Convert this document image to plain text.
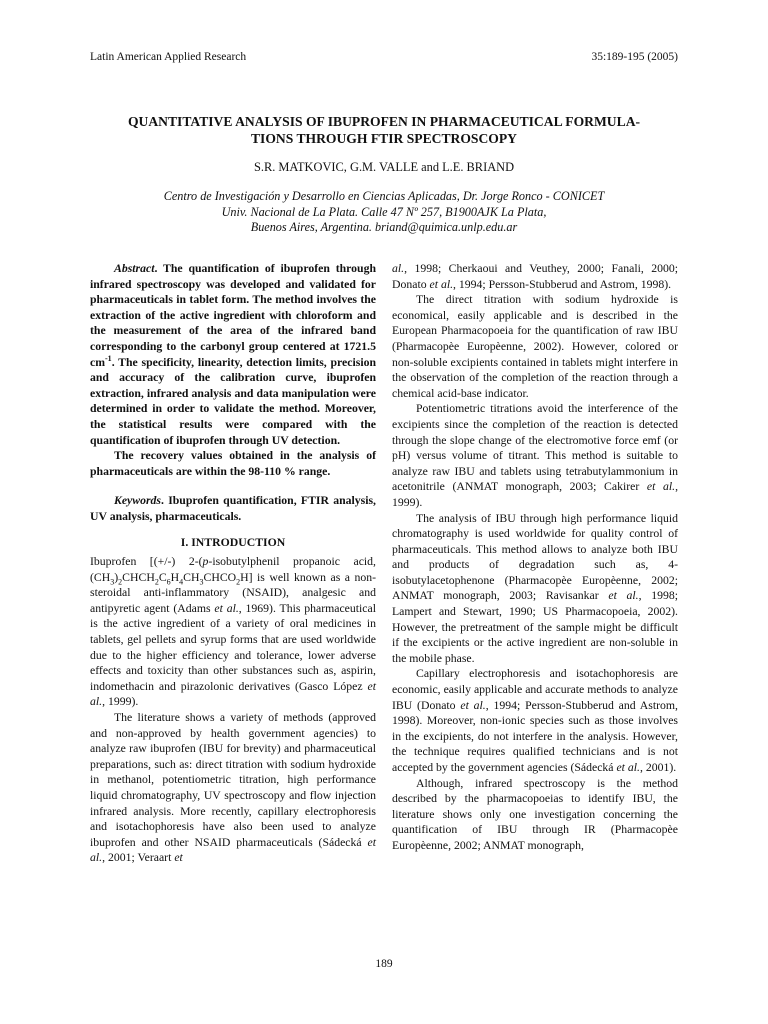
Latin American Applied Research	35:189-195 (2005)
QUANTITATIVE ANALYSIS OF IBUPROFEN IN PHARMACEUTICAL FORMULA-
TIONS THROUGH FTIR SPECTROSCOPY
S.R. MATKOVIC, G.M. VALLE and L.E. BRIAND
Centro de Investigación y Desarrollo en Ciencias Aplicadas, Dr. Jorge Ronco - CONICET
Univ. Nacional de La Plata. Calle 47 Nº 257, B1900AJK La Plata,
Buenos Aires, Argentina. briand@quimica.unlp.edu.ar

Abstract. The quantification of ibuprofen through infrared spectroscopy was developed and validated for pharmaceuticals in tablet form. The method involves the extraction of the active ingredient with chloroform and the measurement of the area of the infrared band corresponding to the carbonyl group centered at 1721.5 $cm^{-1}$. The specificity, linearity, detection limits, precision and accuracy of the calibration curve, ibuprofen extraction, infrared analysis and data manipulation were determined in order to validate the method. Moreover, the statistical results were compared with the quantification of ibuprofen through UV detection.

The recovery values obtained in the analysis of pharmaceuticals are within the 98-110 % range.

Keywords. Ibuprofen quantification, FTIR analysis, UV analysis, pharmaceuticals.

I. INTRODUCTION

Ibuprofen [(+/-) 2-(p-isobutylphenil propanoic acid, $(CH_3)_2CHCH_2C_6H_4CH_3CHCO_2H$] is well known as a non-steroidal anti-inflammatory (NSAID), analgesic and antipyretic agent (Adams et al., 1969). This pharmaceutical is the active ingredient of a variety of oral medicines in tablets, gel pellets and syrup forms that are used worldwide due to the higher efficiency and tolerance, lower adverse effects and toxicity than other substances such as, aspirin, indomethacin and pirazolonic derivatives (Gasco López et al., 1999).

The literature shows a variety of methods (approved and non-approved by health government agencies) to analyze raw ibuprofen (IBU for brevity) and pharmaceutical preparations, such as: direct titration with sodium hydroxide in methanol, potentiometric titration, high performance liquid chromatography, UV spectroscopy and flow injection infrared analysis. More recently, capillary electrophoresis and isotachophoresis have also been used to analyze ibuprofen and other NSAID pharmaceuticals (Sádecká et al., 2001; Veraart et

al., 1998; Cherkaoui and Veuthey, 2000; Fanali, 2000; Donato et al., 1994; Persson-Stubberud and Astrom, 1998).

The direct titration with sodium hydroxide is economical, easily applicable and is described in the European Pharmacopoeia for the quantification of raw IBU (Pharmacopèe Europèenne, 2002). However, colored or non-soluble excipients contained in tablets might interfere in the observation of the completion of the reaction through a chemical acid-base indicator.

Potentiometric titrations avoid the interference of the excipients since the completion of the reaction is detected through the slope change of the electromotive force emf (or pH) versus volume of titrant. This method is suitable to analyze raw IBU and tablets using tetrabutylammonium in acetonitrile (ANMAT monograph, 2003; Cakirer et al., 1999).

The analysis of IBU through high performance liquid chromatography is used worldwide for quality control of pharmaceuticals. This method allows to analyze both IBU and products of degradation such as, 4-isobutylacetophenone (Pharmacopèe Europèenne, 2002; ANMAT monograph, 2003; Ravisankar et al., 1998; Lampert and Stewart, 1990; US Pharmacopoeia, 2002). However, the pretreatment of the sample might be difficult if the excipients or the active ingredient are non-soluble in the mobile phase.

Capillary electrophoresis and isotachophoresis are economic, easily applicable and accurate methods to analyze IBU (Donato et al., 1994; Persson-Stubberud and Astrom, 1998). Moreover, non-ionic species such as those involves in the excipients, do not interfere in the analysis. However, the technique requires qualified technicians and is not accepted by the government agencies (Sádecká et al., 2001).

Although, infrared spectroscopy is the method described by the pharmacopoeias to identify IBU, the literature shows only one investigation concerning the quantification of IBU through IR (Pharmacopèe Europèenne, 2002; ANMAT monograph,

189
